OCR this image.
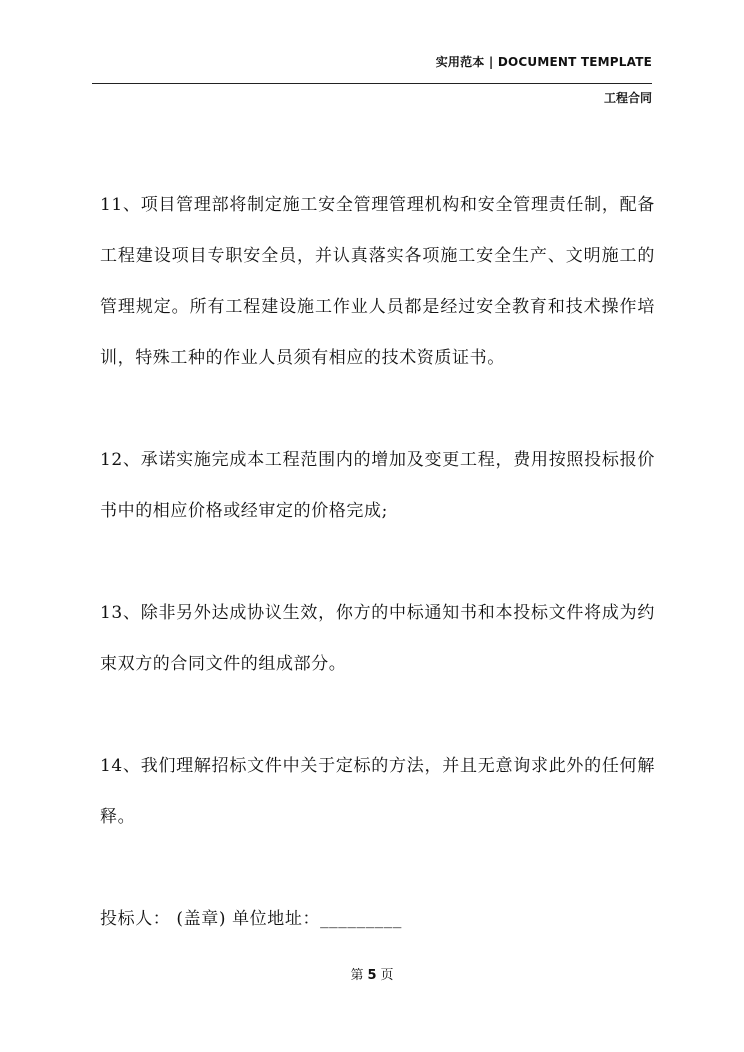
实用范本 | DOCUMENT TEMPLATE
工程合同

11、项目管理部将制定施工安全管理管理机构和安全管理责任制，配备工程建设项目专职安全员，并认真落实各项施工安全生产、文明施工的管理规定。所有工程建设施工作业人员都是经过安全教育和技术操作培训，特殊工种的作业人员须有相应的技术资质证书。

12、承诺实施完成本工程范围内的增加及变更工程，费用按照投标报价书中的相应价格或经审定的价格完成;

13、除非另外达成协议生效，你方的中标通知书和本投标文件将成为约束双方的合同文件的组成部分。

14、我们理解招标文件中关于定标的方法，并且无意询求此外的任何解释。

投标人： (盖章) 单位地址：_________

第 5 页
